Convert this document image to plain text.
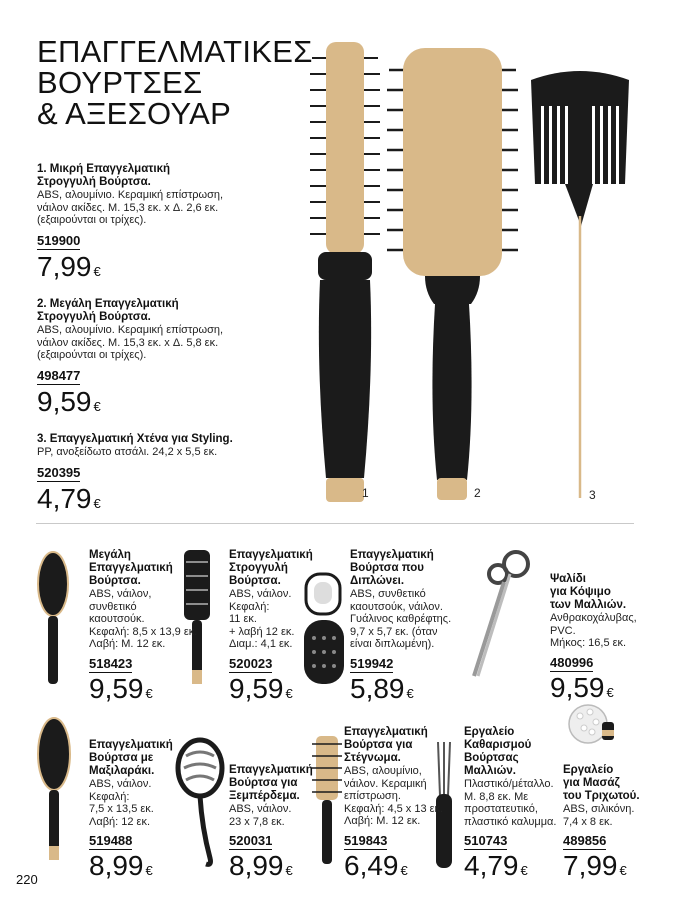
ΕΠΑΓΓΕΛΜΑΤΙΚΕΣ
ΒΟΥΡΤΣΕΣ
& ΑΞΕΣΟΥΑΡ
1. Μικρή Επαγγελματική
Στρογγυλή Βούρτσα.
ABS, αλουμίνιο. Κεραμική επίστρωση,
νάιλον ακίδες. Μ. 15,3 εκ. x Δ. 2,6 εκ.
(εξαιρούνται οι τρίχες).
519900
7,99 €
2. Μεγάλη Επαγγελματική
Στρογγυλή Βούρτσα.
ABS, αλουμίνιο. Κεραμική επίστρωση,
νάιλον ακίδες. Μ. 15,3 εκ. x Δ. 5,8 εκ.
(εξαιρούνται οι τρίχες).
498477
9,59 €
3. Επαγγελματική Χτένα για Styling.
PP, ανοξείδωτο ατσάλι. 24,2 x 5,5 εκ.
520395
4,79 €
1	2	3
Μεγάλη
Επαγγελματική
Βούρτσα.
ABS, νάιλον,
συνθετικό
καουτσούκ.
Κεφαλή: 8,5 x 13,9 εκ.
Λαβή: Μ. 12 εκ.
518423
9,59 €
Επαγγελματική
Στρογγυλή
Βούρτσα.
ABS, νάιλον.
Κεφαλή:
11 εκ.
+ λαβή 12 εκ.
Διαμ.: 4,1 εκ.
520023
9,59 €
Επαγγελματική
Βούρτσα που
Διπλώνει.
ABS, συνθετικό
καουτσούκ, νάιλον.
Γυάλινος καθρέφτης.
9,7 x 5,7 εκ. (όταν
είναι διπλωμένη).
519942
5,89 €
Ψαλίδι
για Κόψιμο
των Μαλλιών.
Ανθρακοχάλυβας,
PVC.
Μήκος: 16,5 εκ.
480996
9,59 €
Επαγγελματική
Βούρτσα με
Μαξιλαράκι.
ABS, νάιλον.
Κεφαλή:
7,5 x 13,5 εκ.
Λαβή: 12 εκ.
519488
8,99 €
Επαγγελματική
Βούρτσα για
Ξεμπέρδεμα.
ABS, νάιλον.
23 x 7,8 εκ.
520031
8,99 €
Επαγγελματική
Βούρτσα για
Στέγνωμα.
ABS, αλουμίνιο,
νάιλον. Κεραμική
επίστρωση.
Κεφαλή: 4,5 x 13 εκ.
Λαβή: Μ. 12 εκ.
519843
6,49 €
Εργαλείο
Καθαρισμού
Βούρτσας
Μαλλιών.
Πλαστικό/μέταλλο.
Μ. 8,8 εκ. Με
προστατευτικό,
πλαστικό καλυμμα.
510743
4,79 €
Εργαλείο
για Μασάζ
του Τριχωτού.
ABS, σιλικόνη.
7,4 x 8 εκ.
489856
7,99 €
220
